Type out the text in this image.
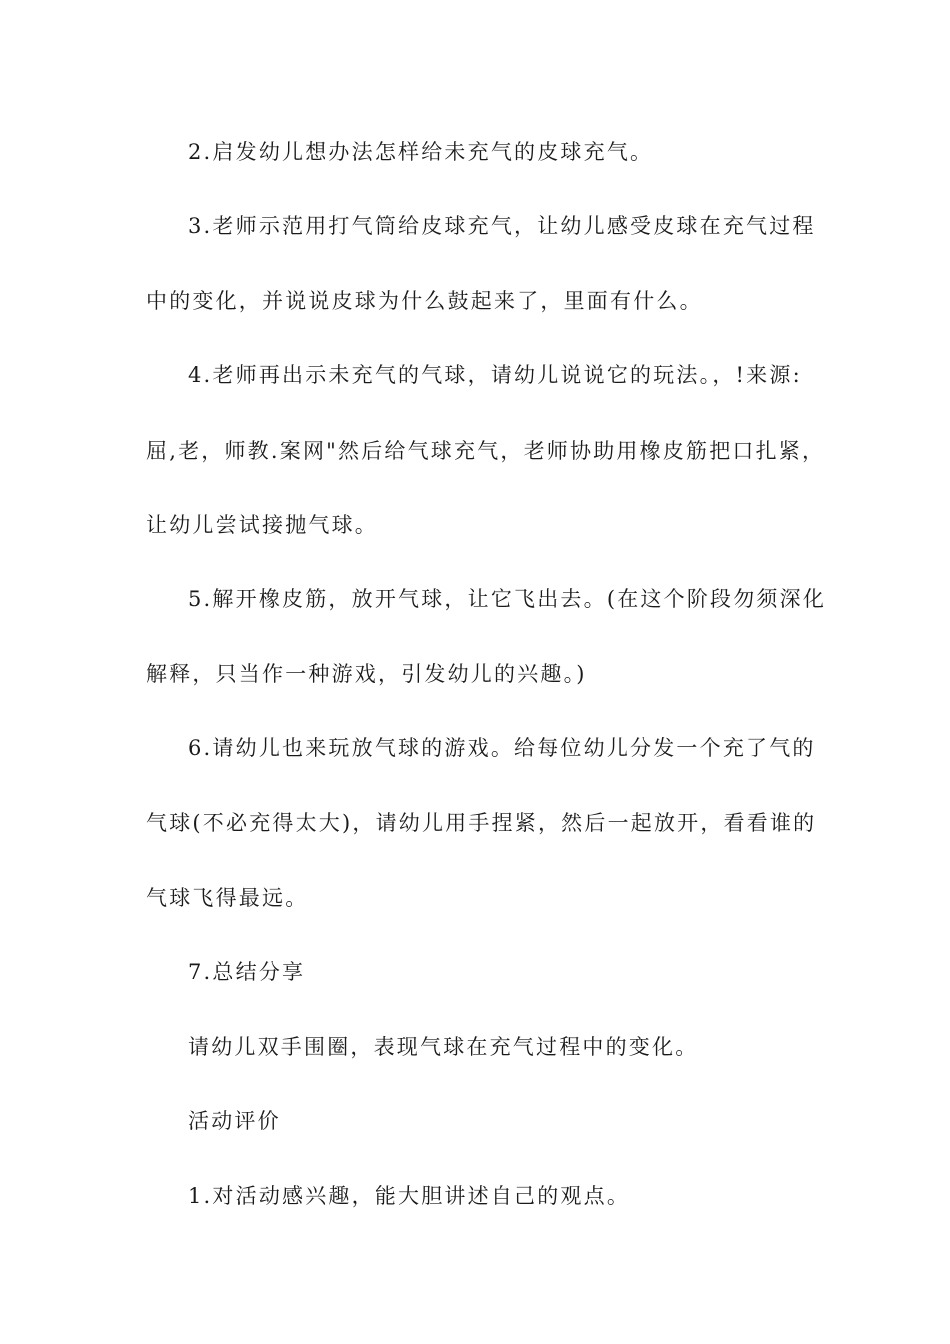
2.启发幼儿想办法怎样给未充气的皮球充气。
3.老师示范用打气筒给皮球充气，让幼儿感受皮球在充气过程
中的变化，并说说皮球为什么鼓起来了，里面有什么。
4.老师再出示未充气的气球，请幼儿说说它的玩法。，!来源:
屈,老，师教.案网"然后给气球充气，老师协助用橡皮筋把口扎紧，
让幼儿尝试接抛气球。
5.解开橡皮筋，放开气球，让它飞出去。(在这个阶段勿须深化
解释，只当作一种游戏，引发幼儿的兴趣。)
6.请幼儿也来玩放气球的游戏。给每位幼儿分发一个充了气的
气球(不必充得太大)，请幼儿用手捏紧，然后一起放开，看看谁的
气球飞得最远。
7.总结分享
请幼儿双手围圈，表现气球在充气过程中的变化。
活动评价
1.对活动感兴趣，能大胆讲述自己的观点。
